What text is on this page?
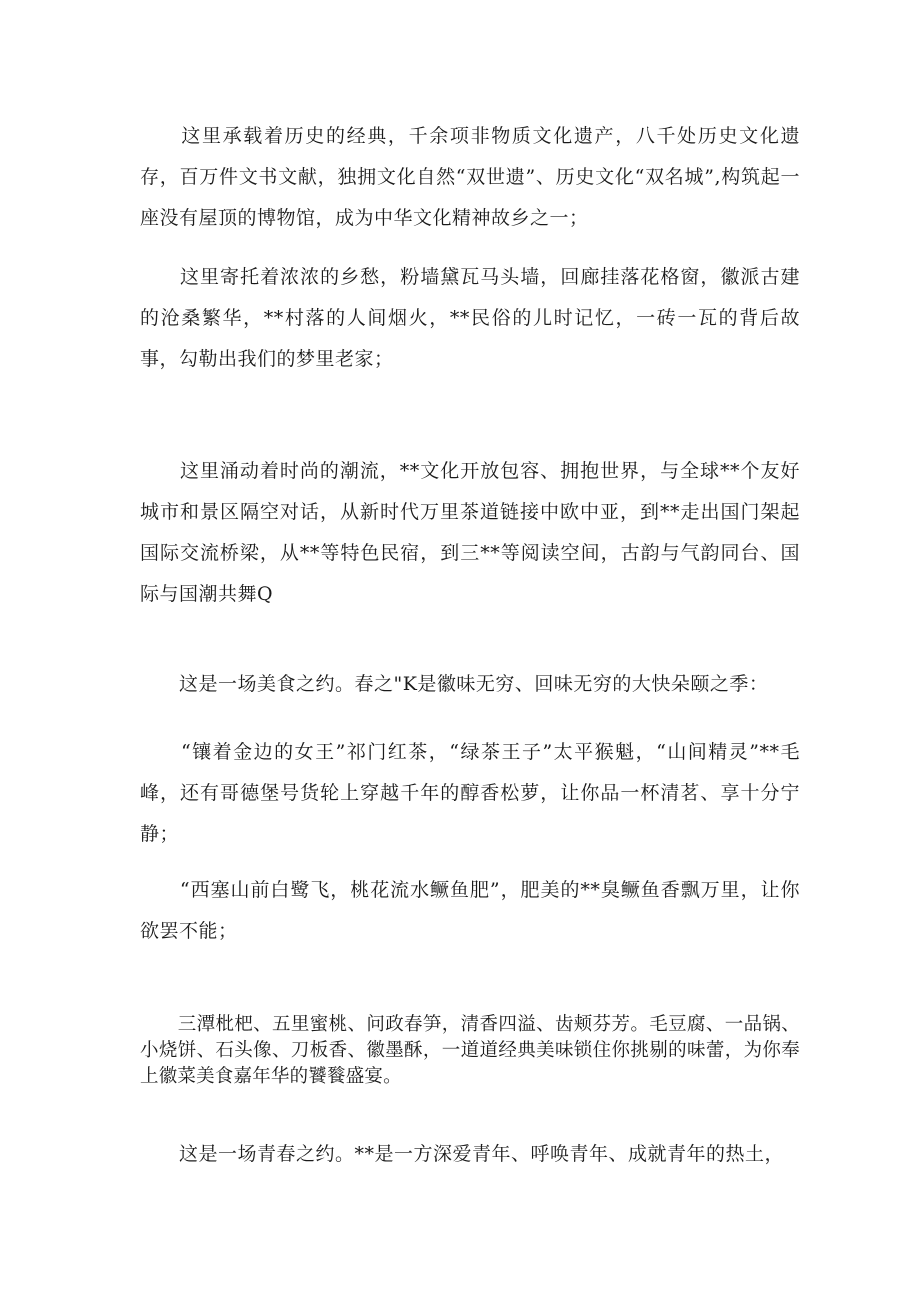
　　这里承载着历史的经典，千余项非物质文化遗产，八千处历史文化遗存，百万件文书文献，独拥文化自然“双世遗”、历史文化“双名城”,构筑起一座没有屋顶的博物馆，成为中华文化精神故乡之一；

　　这里寄托着浓浓的乡愁，粉墙黛瓦马头墙，回廊挂落花格窗，徽派古建的沧桑繁华，**村落的人间烟火，**民俗的儿时记忆，一砖一瓦的背后故事，勾勒出我们的梦里老家；

　　这里涌动着时尚的潮流，**文化开放包容、拥抱世界，与全球**个友好城市和景区隔空对话，从新时代万里茶道链接中欧中亚，到**走出国门架起国际交流桥梁，从**等特色民宿，到三**等阅读空间，古韵与气韵同台、国际与国潮共舞Q

　　这是一场美食之约。春之"K是徽味无穷、回味无穷的大快朵颐之季：

　　“镶着金边的女王”祁门红茶，“绿茶王子”太平猴魁，“山间精灵”**毛峰，还有哥德堡号货轮上穿越千年的醇香松萝，让你品一杯清茗、享十分宁静；

　　“西塞山前白鹭飞，桃花流水鳜鱼肥”，肥美的**臭鳜鱼香飘万里，让你欲罢不能；

　　三潭枇杷、五里蜜桃、问政春笋，清香四溢、齿颊芬芳。毛豆腐、一品锅、小烧饼、石头像、刀板香、徽墨酥，一道道经典美味锁住你挑剔的味蕾，为你奉上徽菜美食嘉年华的饕餮盛宴。

　　这是一场青春之约。**是一方深爱青年、呼唤青年、成就青年的热土，
